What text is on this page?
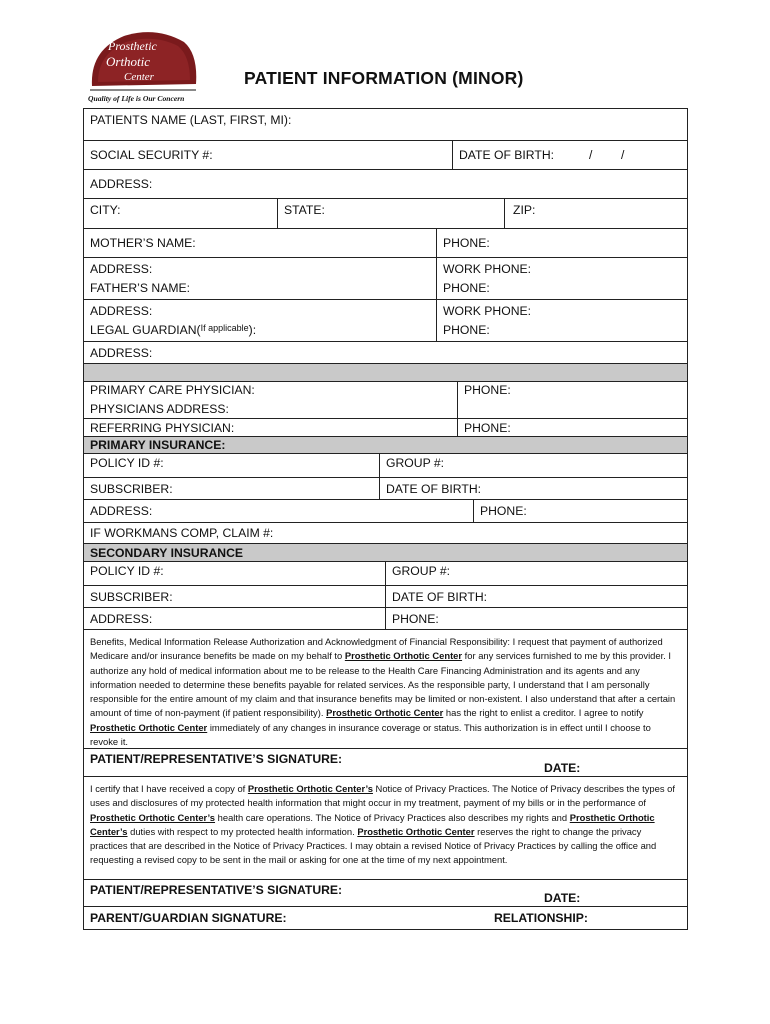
Prosthetic
Orthotic
Center
Quality of Life is Our Concern
PATIENT INFORMATION (MINOR)
PATIENTS NAME (LAST, FIRST, MI):
SOCIAL SECURITY #:	DATE OF BIRTH:	/ /
ADDRESS:
CITY:	STATE:	ZIP:
MOTHER’S NAME:	PHONE:
ADDRESS:	WORK PHONE:
FATHER’S NAME:	PHONE:
ADDRESS:	WORK PHONE:
LEGAL GUARDIAN( If applicable ):	PHONE:
ADDRESS:
PRIMARY CARE PHYSICIAN:	PHONE:
PHYSICIANS ADDRESS:
REFERRING PHYSICIAN:	PHONE:
PRIMARY INSURANCE:
POLICY ID #:	GROUP #:
SUBSCRIBER:	DATE OF BIRTH:
ADDRESS:	PHONE:
IF WORKMANS COMP, CLAIM #:
SECONDARY INSURANCE
POLICY ID #:	GROUP #:
SUBSCRIBER:	DATE OF BIRTH:
ADDRESS:	PHONE:
Benefits, Medical Information Release Authorization and Acknowledgment of Financial Responsibility: I request that payment of authorized Medicare and/or insurance benefits be made on my behalf to Prosthetic Orthotic Center for any services furnished to me by this provider. I authorize any hold of medical information about me to be release to the Health Care Financing Administration and its agents and any information needed to determine these benefits payable for related services. As the responsible party, I understand that I am personally responsible for the entire amount of my claim and that insurance benefits may be limited or non-existent. I also understand that after a certain amount of time of non-payment (if patient responsibility). Prosthetic Orthotic Center has the right to enlist a creditor. I agree to notify Prosthetic Orthotic Center immediately of any changes in insurance coverage or status. This authorization is in effect until I choose to revoke it.
PATIENT/REPRESENTATIVE’S SIGNATURE:
DATE:
I certify that I have received a copy of Prosthetic Orthotic Center’s Notice of Privacy Practices. The Notice of Privacy describes the types of uses and disclosures of my protected health information that might occur in my treatment, payment of my bills or in the performance of Prosthetic Orthotic Center’s health care operations. The Notice of Privacy Practices also describes my rights and Prosthetic Orthotic Center’s duties with respect to my protected health information. Prosthetic Orthotic Center reserves the right to change the privacy practices that are described in the Notice of Privacy Practices. I may obtain a revised Notice of Privacy Practices by calling the office and requesting a revised copy to be sent in the mail or asking for one at the time of my next appointment.
PATIENT/REPRESENTATIVE’S SIGNATURE:
DATE:
PARENT/GUARDIAN SIGNATURE:	RELATIONSHIP:
